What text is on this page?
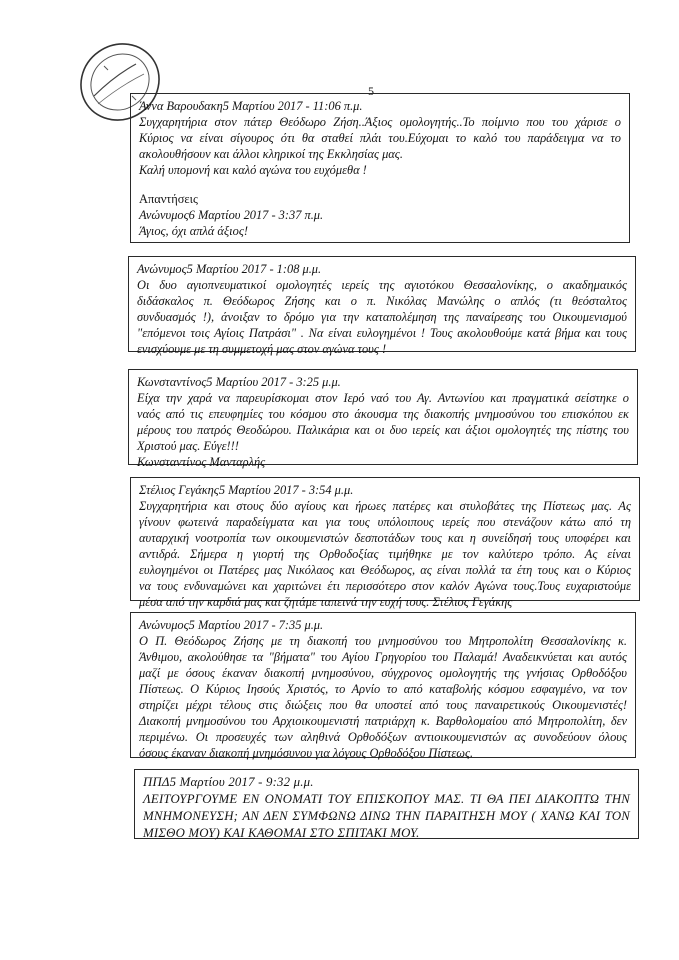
5
Άννα Βαρουδακη5 Μαρτίου 2017 - 11:06 π.μ.
Συγχαρητήρια στον πάτερ Θεόδωρο Ζήση..Άξιος ομολογητής..Το ποίμνιο που του χάρισε ο
Κύριος να είναι σίγουρος ότι θα σταθεί πλάι του.Εύχομαι το καλό του παράδειγμα να το
ακολουθήσουν και άλλοι κληρικοί της Εκκλησίας μας.
Καλή υπομονή και καλό αγώνα του ευχόμεθα !
Απαντήσεις
Ανώνυμος6 Μαρτίου 2017 - 3:37 π.μ.
Άγιος, όχι απλά άξιος!
Ανώνυμος5 Μαρτίου 2017 - 1:08 μ.μ.
Οι δυο αγιοπνευματικοί ομολογητές ιερείς της αγιοτόκου Θεσσαλονίκης, ο ακαδημαικός
διδάσκαλος π. Θεόδωρος Ζήσης και ο π. Νικόλας Μανώλης ο απλός (τι θεόσταλτος
συνδυασμός !), άνοιξαν το δρόμο για την καταπολέμηση της παναίρεσης του Οικουμενισμού
"επόμενοι τοις Αγίοις Πατράσι" . Να είναι ευλογημένοι ! Τους ακολουθούμε κατά βήμα και τους
ενισχύουμε με τη συμμετοχή μας στον αγώνα τους !
Κωνσταντίνος5 Μαρτίου 2017 - 3:25 μ.μ.
Είχα την χαρά να παρευρίσκομαι στον Ιερό ναό του Αγ. Αντωνίου και πραγματικά σείστηκε ο
ναός από τις επευφημίες του κόσμου στο άκουσμα της διακοπής μνημοσύνου του επισκόπου εκ
μέρους του πατρός Θεοδώρου. Παλικάρια και οι δυο ιερείς και άξιοι ομολογητές της πίστης του
Χριστού μας. Εύγε!!!
Κωνσταντίνος Μανταρλής
Στέλιος Γεγάκης5 Μαρτίου 2017 - 3:54 μ.μ.
Συγχαρητήρια και στους δύο αγίους και ήρωες πατέρες και στυλοβάτες της Πίστεως μας. Ας
γίνουν φωτεινά παραδείγματα και για τους υπόλοιπους ιερείς που στενάζουν κάτω από τη
αυταρχική νοοτροπία των οικουμενιστών δεσποτάδων τους και η συνείδησή τους υποφέρει και
αντιδρά. Σήμερα η γιορτή της Ορθοδοξίας τιμήθηκε με τον καλύτερο τρόπο. Ας είναι
ευλογημένοι οι Πατέρες μας Νικόλαος και Θεόδωρος, ας είναι πολλά τα έτη τους και ο Κύριος
να τους ενδυναμώνει και χαριτώνει έτι περισσότερο στον καλόν Αγώνα τους.Τους ευχαριστούμε
μέσα από την καρδιά μας και ζητάμε ταπεινά την ευχή τους. Στέλιος Γεγάκης
Ανώνυμος5 Μαρτίου 2017 - 7:35 μ.μ.
Ο Π. Θεόδωρος Ζήσης με τη διακοπή του μνημοσύνου του Μητροπολίτη Θεσσαλονίκης κ.
Άνθιμου, ακολούθησε τα "βήματα" του Αγίου Γρηγορίου του Παλαμά! Αναδεικνύεται και αυτός
μαζί με όσους έκαναν διακοπή μνημοσύνου, σύγχρονος ομολογητής της γνήσιας Ορθοδόξου
Πίστεως. Ο Κύριος Ιησούς Χριστός, το Αρνίο το από καταβολής κόσμου εσφαγμένο, να τον
στηρίζει μέχρι τέλους στις διώξεις που θα υποστεί από τους παναιρετικούς Οικουμενιστές!
Διακοπή μνημοσύνου του Αρχιοικουμενιστή πατριάρχη κ. Βαρθολομαίου από Μητροπολίτη, δεν
περιμένω. Οι προσευχές των αληθινά Ορθοδόξων αντιοικουμενιστών ας συνοδεύουν όλους
όσους έκαναν διακοπή μνημόσυνου για λόγους Ορθοδόξου Πίστεως.
ΠΠΔ5 Μαρτίου 2017 - 9:32 μ.μ.
ΛΕΙΤΟΥΡΓΟΥΜΕ ΕΝ ΟΝΟΜΑΤΙ ΤΟΥ ΕΠΙΣΚΟΠΟΥ ΜΑΣ. ΤΙ ΘΑ ΠΕΙ ΔΙΑΚΟΠΤΩ ΤΗΝ
ΜΝΗΜΟΝΕΥΣΗ; ΑΝ ΔΕΝ ΣΥΜΦΩΝΩ ΔΙΝΩ ΤΗΝ ΠΑΡΑΙΤΗΣΗ ΜΟΥ ( ΧΑΝΩ ΚΑΙ ΤΟΝ
ΜΙΣΘΟ ΜΟΥ) ΚΑΙ ΚΑΘΟΜΑΙ ΣΤΟ ΣΠΙΤΑΚΙ ΜΟΥ.
